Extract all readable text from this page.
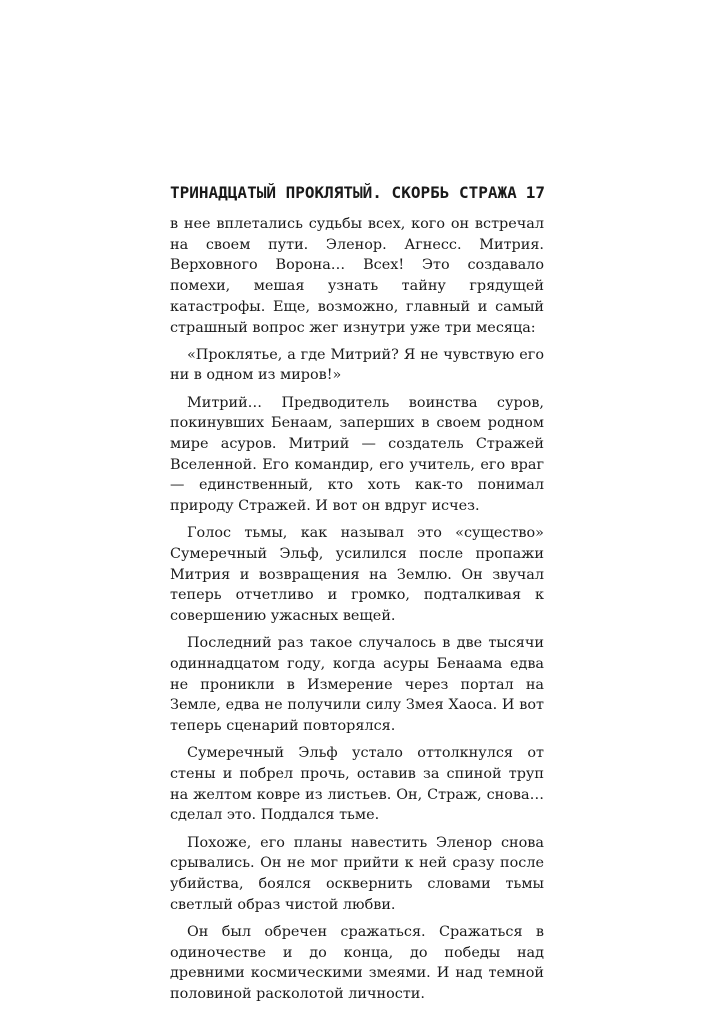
ТРИНАДЦАТЫЙ ПРОКЛЯТЫЙ. СКОРБЬ СТРАЖА 17

в нее вплетались судьбы всех, кого он встречал на своем пути. Эленор. Агнесс. Митрия. Верховного Ворона… Всех! Это создавало помехи, мешая узнать тайну грядущей катастрофы. Еще, возможно, главный и самый страшный вопрос жег изнутри уже три месяца:

«Проклятье, а где Митрий? Я не чувствую его ни в одном из миров!»

Митрий… Предводитель воинства суров, покинувших Бенаам, заперших в своем родном мире асуров. Митрий — создатель Стражей Вселенной. Его командир, его учитель, его враг — единственный, кто хоть как-то понимал природу Стражей. И вот он вдруг исчез.

Голос тьмы, как называл это «существо» Сумеречный Эльф, усилился после пропажи Митрия и возвращения на Землю. Он звучал теперь отчетливо и громко, подталкивая к совершению ужасных вещей.

Последний раз такое случалось в две тысячи одиннадцатом году, когда асуры Бенаама едва не проникли в Измерение через портал на Земле, едва не получили силу Змея Хаоса. И вот теперь сценарий повторялся.

Сумеречный Эльф устало оттолкнулся от стены и побрел прочь, оставив за спиной труп на желтом ковре из листьев. Он, Страж, снова… сделал это. Поддался тьме.

Похоже, его планы навестить Эленор снова срывались. Он не мог прийти к ней сразу после убийства, боялся осквернить словами тьмы светлый образ чистой любви.

Он был обречен сражаться. Сражаться в одиночестве и до конца, до победы над древними космическими змеями. И над темной половиной расколотой личности.
